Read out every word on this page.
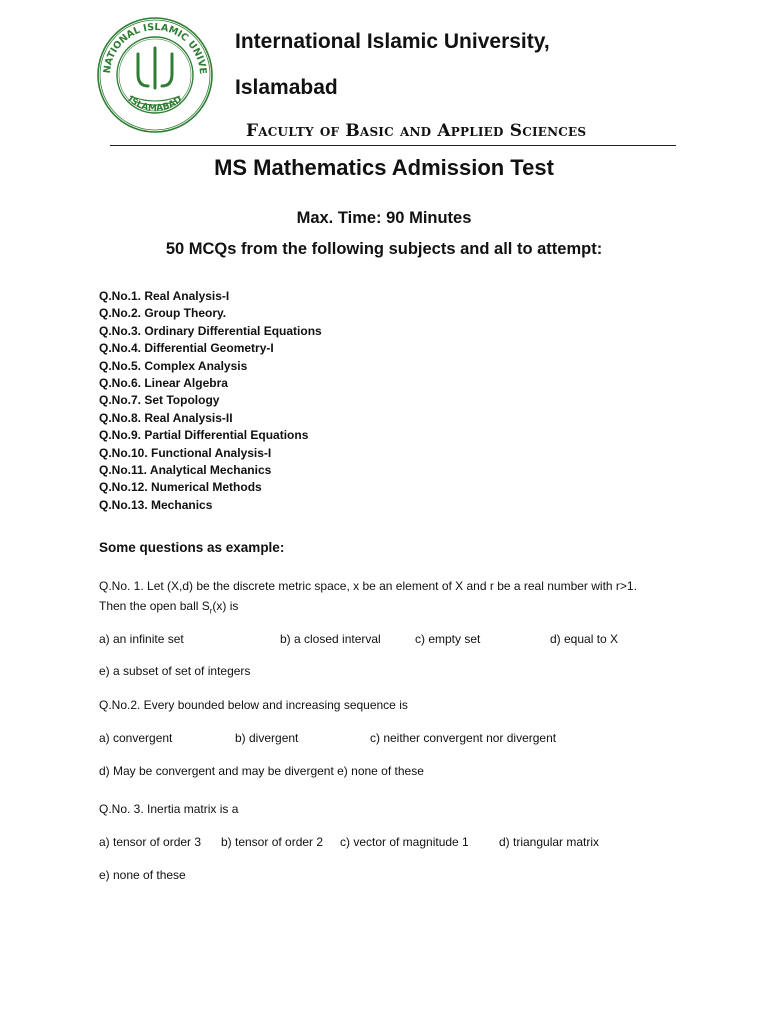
NATIONAL ISLAMIC UNIVE
ISLAMABAD
International Islamic University,
Islamabad
Faculty of Basic and Applied Sciences
MS Mathematics Admission Test
Max. Time: 90 Minutes
50 MCQs from the following subjects and all to attempt:
Q.No.1. Real Analysis-I
Q.No.2. Group Theory.
Q.No.3. Ordinary Differential Equations
Q.No.4. Differential Geometry-I
Q.No.5. Complex Analysis
Q.No.6. Linear Algebra
Q.No.7. Set Topology
Q.No.8. Real Analysis-II
Q.No.9. Partial Differential Equations
Q.No.10. Functional Analysis-I
Q.No.11. Analytical Mechanics
Q.No.12. Numerical Methods
Q.No.13. Mechanics
Some questions as example:
Q.No. 1. Let (X,d) be the discrete metric space, x be an element of X and r be a real number with r>1.
Then the open ball $S_r(x)$ is
a) an infinite set	b) a closed interval	c) empty set	d) equal to X
e) a subset of set of integers
Q.No.2. Every bounded below and increasing sequence is
a) convergent	b) divergent	c) neither convergent nor divergent
d) May be convergent and may be divergent e) none of these
Q.No. 3. Inertia matrix is a
a) tensor of order 3 b) tensor of order 2 c) vector of magnitude 1	d) triangular matrix
e) none of these
